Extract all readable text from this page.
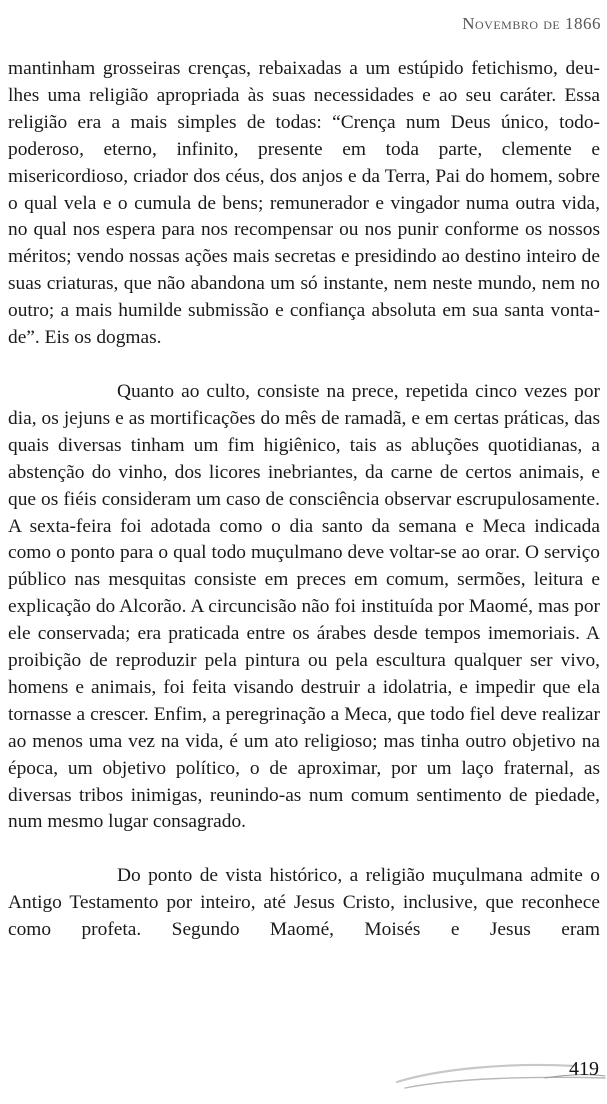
Novembro de 1866

mantinham grosseiras crenças, rebaixadas a um estúpido fetichismo, deu-lhes uma religião apropriada às suas necessidades e ao seu caráter. Essa religião era a mais simples de todas: “Crença num Deus único, todo-poderoso, eterno, infinito, presente em toda parte, clemente e misericordioso, criador dos céus, dos anjos e da Terra, Pai do homem, sobre o qual vela e o cumula de bens; remunerador e vingador numa outra vida, no qual nos espera para nos recompensar ou nos punir conforme os nossos méritos; vendo nossas ações mais secretas e presidindo ao destino inteiro de suas criaturas, que não abandona um só instante, nem neste mundo, nem no outro; a mais humilde submissão e confiança absoluta em sua santa vontade”. Eis os dogmas.

Quanto ao culto, consiste na prece, repetida cinco vezes por dia, os jejuns e as mortificações do mês de ramadã, e em certas práticas, das quais diversas tinham um fim higiênico, tais as abluções quotidianas, a abstenção do vinho, dos licores inebriantes, da carne de certos animais, e que os fiéis consideram um caso de consciência observar escrupulosamente. A sexta-feira foi adotada como o dia santo da semana e Meca indicada como o ponto para o qual todo muçulmano deve voltar-se ao orar. O serviço público nas mesquitas consiste em preces em comum, sermões, leitura e explicação do Alcorão. A circuncisão não foi instituída por Maomé, mas por ele conservada; era praticada entre os árabes desde tempos imemoriais. A proibição de reproduzir pela pintura ou pela escultura qualquer ser vivo, homens e animais, foi feita visando destruir a idolatria, e impedir que ela tornasse a crescer. Enfim, a peregrinação a Meca, que todo fiel deve realizar ao menos uma vez na vida, é um ato religioso; mas tinha outro objetivo na época, um objetivo político, o de aproximar, por um laço fraternal, as diversas tribos inimigas, reunindo-as num comum sentimento de piedade, num mesmo lugar consagrado.

Do ponto de vista histórico, a religião muçulmana admite o Antigo Testamento por inteiro, até Jesus Cristo, inclusive, que reconhece como profeta. Segundo Maomé, Moisés e Jesus eram

419
